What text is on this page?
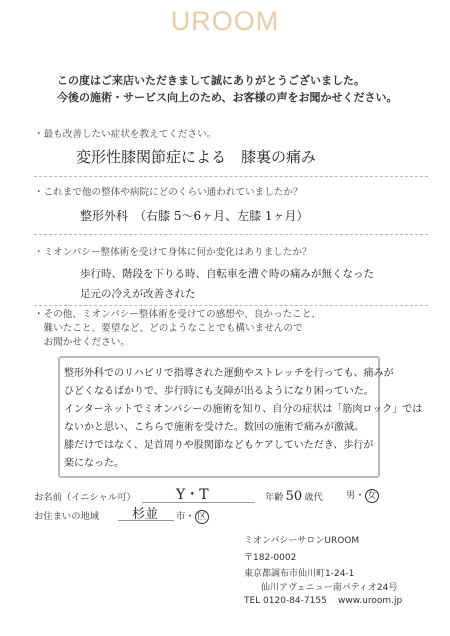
UROOM
この度はご来店いただきまして誠にありがとうございました。
今後の施術・サービス向上のため、お客様の声をお聞かせください。
・最も改善したい症状を教えてください。
変形性膝関節症による　膝裏の痛み
・これまで他の整体や病院にどのくらい通われていましたか？
整形外科　（右膝 5〜6ヶ月、左膝 1ヶ月）
・ミオンパシー整体術を受けて身体に何か変化はありましたか？
歩行時、階段を下りる時、自転車を漕ぐ時の痛みが無くなった
足元の冷えが改善された
・その他、ミオンパシー整体術を受けての感想や、良かったこと、
　難いたこと、要望など、どのようなことでも構いませんので
　お聞かせください。
整形外科でのリハビリで指導された運動やストレッチを行っても、痛みが
ひどくなるばかりで、歩行時にも支障が出るようになり困っていた。
インターネットでミオンパシーの施術を知り、自分の症状は「筋肉ロック」では
ないかと思い、こちらで施術を受けた。数回の施術で痛みが激減。
膝だけではなく、足首周りや股関節などもケアしていただき、歩行が
楽になった。
お名前（イニシャル可）	Y・T	年齢 50 歳代 男・ 女
お住まいの地域	杉並 市・ 区
ミオンパシーサロンUROOM
〒182-0002
東京都調布市仙川町1-24-1
仙川アヴェニュー南パティオ24号
TEL 0120-84-7155 www.uroom.jp
